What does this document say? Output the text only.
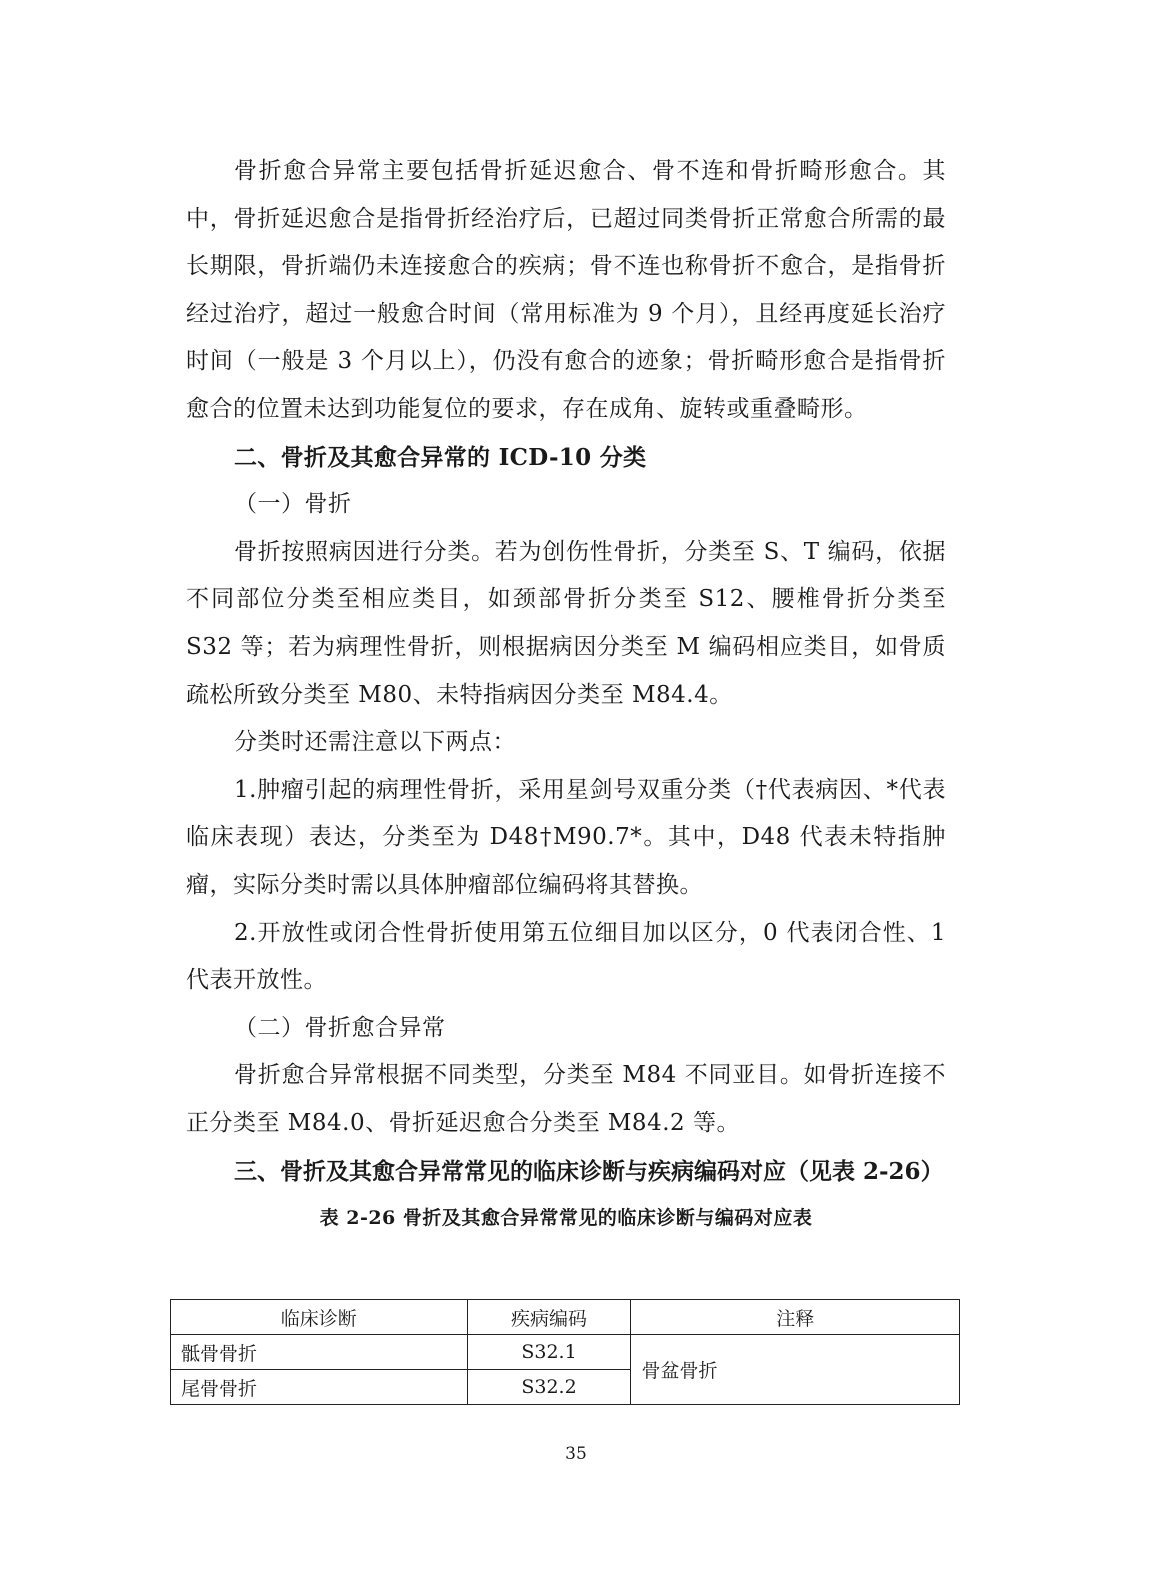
骨折愈合异常主要包括骨折延迟愈合、骨不连和骨折畸形愈合。其中，骨折延迟愈合是指骨折经治疗后，已超过同类骨折正常愈合所需的最长期限，骨折端仍未连接愈合的疾病；骨不连也称骨折不愈合，是指骨折经过治疗，超过一般愈合时间（常用标准为 9 个月），且经再度延长治疗时间（一般是 3 个月以上），仍没有愈合的迹象；骨折畸形愈合是指骨折愈合的位置未达到功能复位的要求，存在成角、旋转或重叠畸形。

二、骨折及其愈合异常的 ICD-10 分类

（一）骨折

骨折按照病因进行分类。若为创伤性骨折，分类至 S、T 编码，依据不同部位分类至相应类目，如颈部骨折分类至 S12、腰椎骨折分类至 S32 等；若为病理性骨折，则根据病因分类至 M 编码相应类目，如骨质疏松所致分类至 M80、未特指病因分类至 M84.4。

分类时还需注意以下两点：

1.肿瘤引起的病理性骨折，采用星剑号双重分类（†代表病因、*代表临床表现）表达，分类至为 D48†M90.7*。其中，D48 代表未特指肿瘤，实际分类时需以具体肿瘤部位编码将其替换。

2.开放性或闭合性骨折使用第五位细目加以区分，0 代表闭合性、1 代表开放性。

（二）骨折愈合异常

骨折愈合异常根据不同类型，分类至 M84 不同亚目。如骨折连接不正分类至 M84.0、骨折延迟愈合分类至 M84.2 等。

三、骨折及其愈合异常常见的临床诊断与疾病编码对应（见表 2-26）

表 2-26 骨折及其愈合异常常见的临床诊断与编码对应表

临床诊断	疾病编码	注释
骶骨骨折	S32.1	骨盆骨折
尾骨骨折	S32.2	
35
